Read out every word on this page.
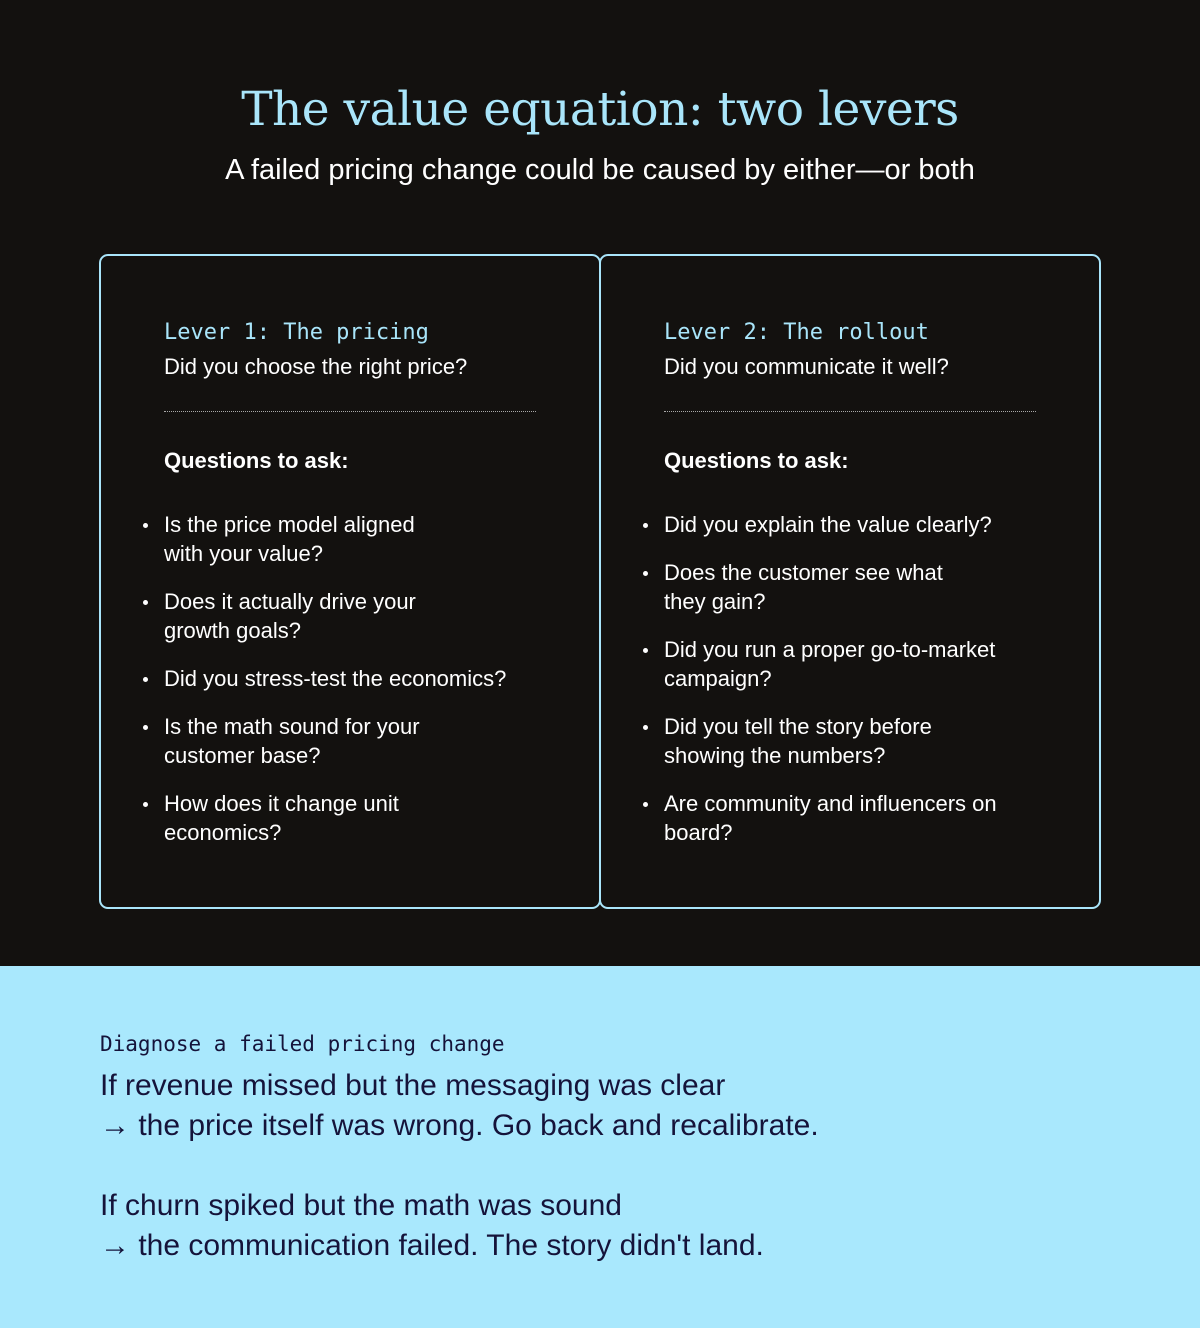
The value equation: two levers

A failed pricing change could be caused by either—or both

Lever 1: The pricing
Did you choose the right price?
Questions to ask:
Is the price model aligned with your value?
Does it actually drive your growth goals?
Did you stress-test the economics?
Is the math sound for your customer base?
How does it change unit economics?
Lever 2: The rollout
Did you communicate it well?
Questions to ask:
Did you explain the value clearly?
Does the customer see what they gain?
Did you run a proper go-to-market campaign?
Did you tell the story before showing the numbers?
Are community and influencers on board?
Diagnose a failed pricing change
If revenue missed but the messaging was clear
→ the price itself was wrong. Go back and recalibrate.
If churn spiked but the math was sound
→ the communication failed. The story didn't land.
